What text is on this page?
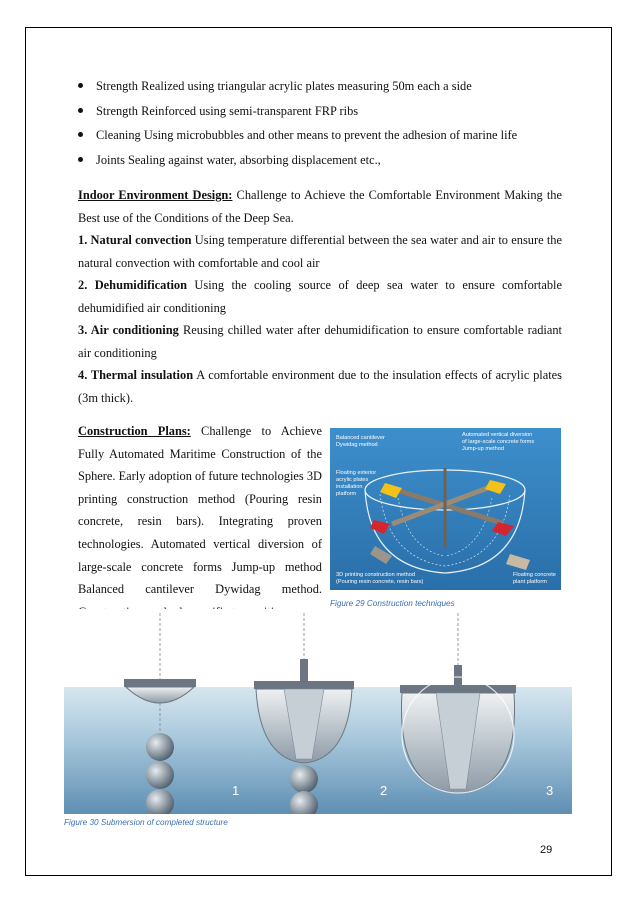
Strength Realized using triangular acrylic plates measuring 50m each a side
Strength Reinforced using semi-transparent FRP ribs
Cleaning Using microbubbles and other means to prevent the adhesion of marine life
Joints Sealing against water, absorbing displacement etc.,

Indoor Environment Design: Challenge to Achieve the Comfortable Environment Making the Best use of the Conditions of the Deep Sea.

1. Natural convection Using temperature differential between the sea water and air to ensure the natural convection with comfortable and cool air

2. Dehumidification Using the cooling source of deep sea water to ensure comfortable dehumidified air conditioning

3. Air conditioning Reusing chilled water after dehumidification to ensure comfortable radiant air conditioning

4. Thermal insulation A comfortable environment due to the insulation effects of acrylic plates (3m thick).

Construction Plans: Challenge to Achieve Fully Automated Maritime Construction of the Sphere. Early adoption of future technologies 3D printing construction method (Pouring resin concrete, resin bars). Integrating proven technologies. Automated vertical diversion of large-scale concrete forms Jump-up method Balanced cantilever Dywidag method.
Balanced cantilever
Dywidag method
Automated vertical diversion
of large-scale concrete forms
Jump-up method
Floating exterior
acrylic plates
installation
platform
3D printing construction method
(Pouring resin concrete, resin bars)
Floating concrete
plant platform
Figure 29 Construction techniques
1	2	3
Figure 30 Submersion of completed structure
29
